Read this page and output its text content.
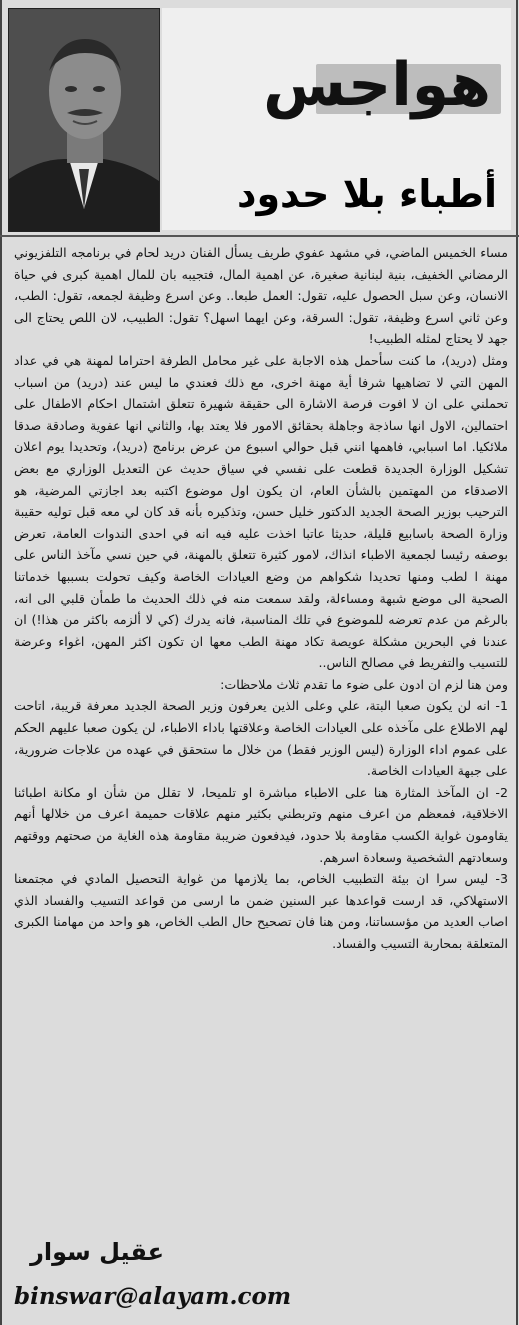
هواجس
أطباء بلا حدود

مساء الخميس الماضي، في مشهد عفوي طريف يسأل الفنان دريد لحام في برنامجه التلفزيوني الرمضاني الخفيف، بنية لبنانية صغيرة، عن اهمية المال، فتجيبه بان للمال اهمية كبرى في حياة الانسان، وعن سبل الحصول عليه، تقول: العمل طبعا.. وعن اسرع وظيفة لجمعه، تقول: الطب، وعن ثاني اسرع وظيفة، تقول: السرقة، وعن ايهما اسهل؟ تقول: الطبيب، لان اللص يحتاج الى جهد لا يحتاج لمثله الطبيب!

ومثل (دريد)، ما كنت سأحمل هذه الاجابة على غير محامل الطرفة احتراما لمهنة هي في عداد المهن التي لا تضاهيها شرفا أية مهنة اخرى، مع ذلك فعندي ما ليس عند (دريد) من اسباب تحملني على ان لا افوت فرصة الاشارة الى حقيقة شهيرة تتعلق اشتمال احكام الاطفال على احتمالين، الاول انها ساذجة وجاهلة بحقائق الامور فلا يعتد بها، والثاني انها عفوية وصادقة صدقا ملائكيا. اما اسبابي، فاهمها انني قبل حوالي اسبوع من عرض برنامج (دريد)، وتحديدا يوم اعلان تشكيل الوزارة الجديدة قطعت على نفسي في سياق حديث عن التعديل الوزاري مع بعض الاصدقاء من المهتمين بالشأن العام، ان يكون اول موضوع اكتبه بعد اجازتي المرضية، هو الترحيب بوزير الصحة الجديد الدكتور خليل حسن، وتذكيره بأنه قد كان لي معه قبل توليه حقيبة وزارة الصحة باسابيع قليلة، حديثا عاتبا اخذت عليه فيه انه في احدى الندوات العامة، تعرض بوصفه رئيسا لجمعية الاطباء انذاك، لامور كثيرة تتعلق بالمهنة، في حين نسي مآخذ الناس على مهنة ا لطب ومنها تحديدا شكواهم من وضع العيادات الخاصة وكيف تحولت بسببها خدماتنا الصحية الى موضع شبهة ومساءلة، ولقد سمعت منه في ذلك الحديث ما طمأن قلبي الى انه، بالرغم من عدم تعرضه للموضوع في تلك المناسبة، فانه يدرك (كي لا ألزمه باكثر من هذا!) ان عندنا في البحرين مشكلة عويصة تكاد مهنة الطب معها ان تكون اكثر المهن، اغواء وعرضة للتسيب والتفريط في مصالح الناس..

ومن هنا لزم ان ادون على ضوء ما تقدم ثلاث ملاحظات:

1- انه لن يكون صعبا البتة، علي وعلى الذين يعرفون وزير الصحة الجديد معرفة قريبة، اتاحت لهم الاطلاع على مآخذه على العيادات الخاصة وعلاقتها باداء الاطباء، لن يكون صعبا عليهم الحكم على عموم اداء الوزارة (ليس الوزير فقط) من خلال ما ستحقق في عهده من علاجات ضرورية، على جبهة العيادات الخاصة.

2- ان المآخذ المثارة هنا على الاطباء مباشرة او تلميحا، لا تقلل من شأن او مكانة اطبائنا الاخلاقية، فمعظم من اعرف منهم وتربطني بكثير منهم علاقات حميمة اعرف من خلالها أنهم يقاومون غواية الكسب مقاومة بلا حدود، فيدفعون ضريبة مقاومة هذه الغاية من صحتهم ووقتهم وسعادتهم الشخصية وسعادة اسرهم.

3- ليس سرا ان بيئة التطبيب الخاص، بما يلازمها من غواية التحصيل المادي في مجتمعنا الاستهلاكي، قد ارست قواعدها عبر السنين ضمن ما ارسى من قواعد التسيب والفساد الذي اصاب العديد من مؤسساتنا، ومن هنا فان تصحيح حال الطب الخاص، هو واحد من مهامنا الكبرى المتعلقة بمحاربة التسيب والفساد.

عقيل سوار
binswar@alayam.com
